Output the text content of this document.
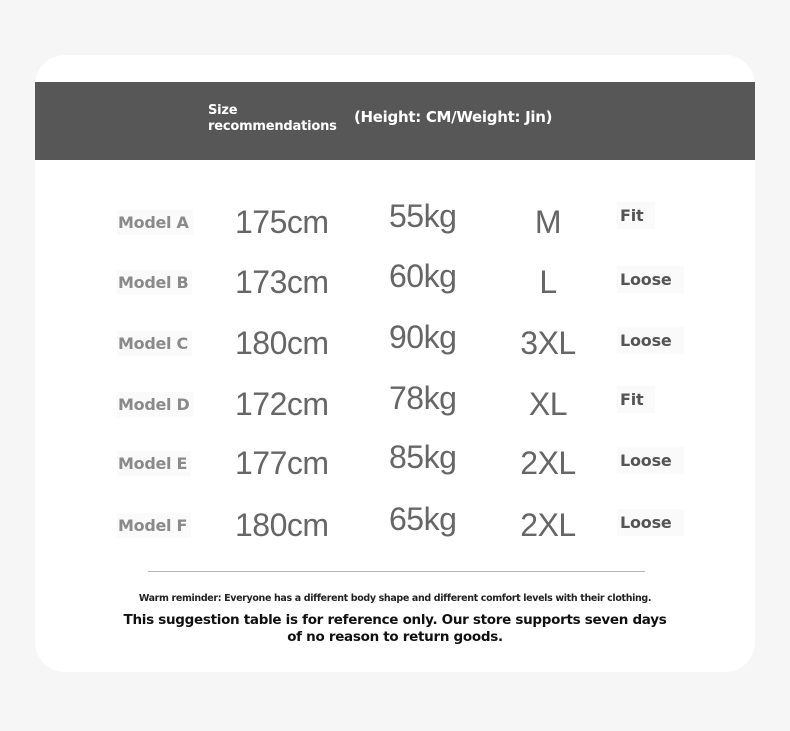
Size recommendations
(Height: CM/Weight: Jin)
Model A 175cm 55kg	M	Fit
Model B 173cm 60kg	L	Loose
Model C 180cm 90kg	3XL	Loose
Model D 172cm 78kg	XL	Fit
Model E 177cm 85kg	2XL	Loose
Model F 180cm 65kg	2XL	Loose
Warm reminder: Everyone has a different body shape and different comfort levels with their clothing.
This suggestion table is for reference only. Our store supports seven days of no reason to return goods.
